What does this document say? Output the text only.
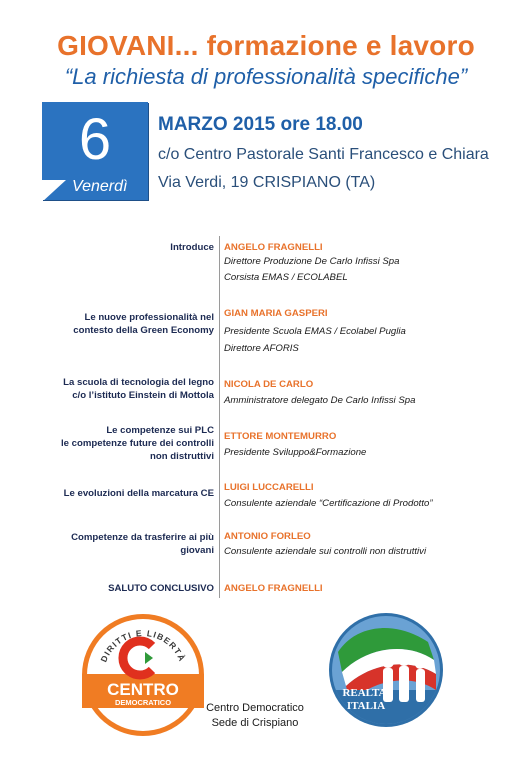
GIOVANI... formazione e lavoro
“La richiesta di professionalità specifiche”
6
Venerdì
MARZO 2015 ore 18.00
c/o Centro Pastorale Santi Francesco e Chiara
Via Verdi, 19 CRISPIANO (TA)
Introduce ANGELO FRAGNELLI
Direttore Produzione De Carlo Infissi Spa
Corsista EMAS / ECOLABEL
Le nuove professionalità nel
contesto della Green Economy
GIAN MARIA GASPERI
Presidente Scuola EMAS / Ecolabel Puglia
Direttore AFORIS
La scuola di tecnologia del legno
c/o l’istituto Einstein di Mottola
NICOLA DE CARLO
Amministratore delegato De Carlo Infissi Spa
Le competenze sui PLC
le competenze future dei controlli
non distruttivi
ETTORE MONTEMURRO
Presidente Sviluppo&Formazione
Le evoluzioni della marcatura CE
LUIGI LUCCARELLI
Consulente aziendale “Certificazione di Prodotto”
Competenze da trasferire ai più
giovani
ANTONIO FORLEO
Consulente aziendale sui controlli non distruttivi
SALUTO CONCLUSIVO ANGELO FRAGNELLI
DIRITTI E LIBERTÀ
CENTRO
DEMOCRATICO	Centro Democratico
Sede di Crispiano
REALTA'
ITALIA
